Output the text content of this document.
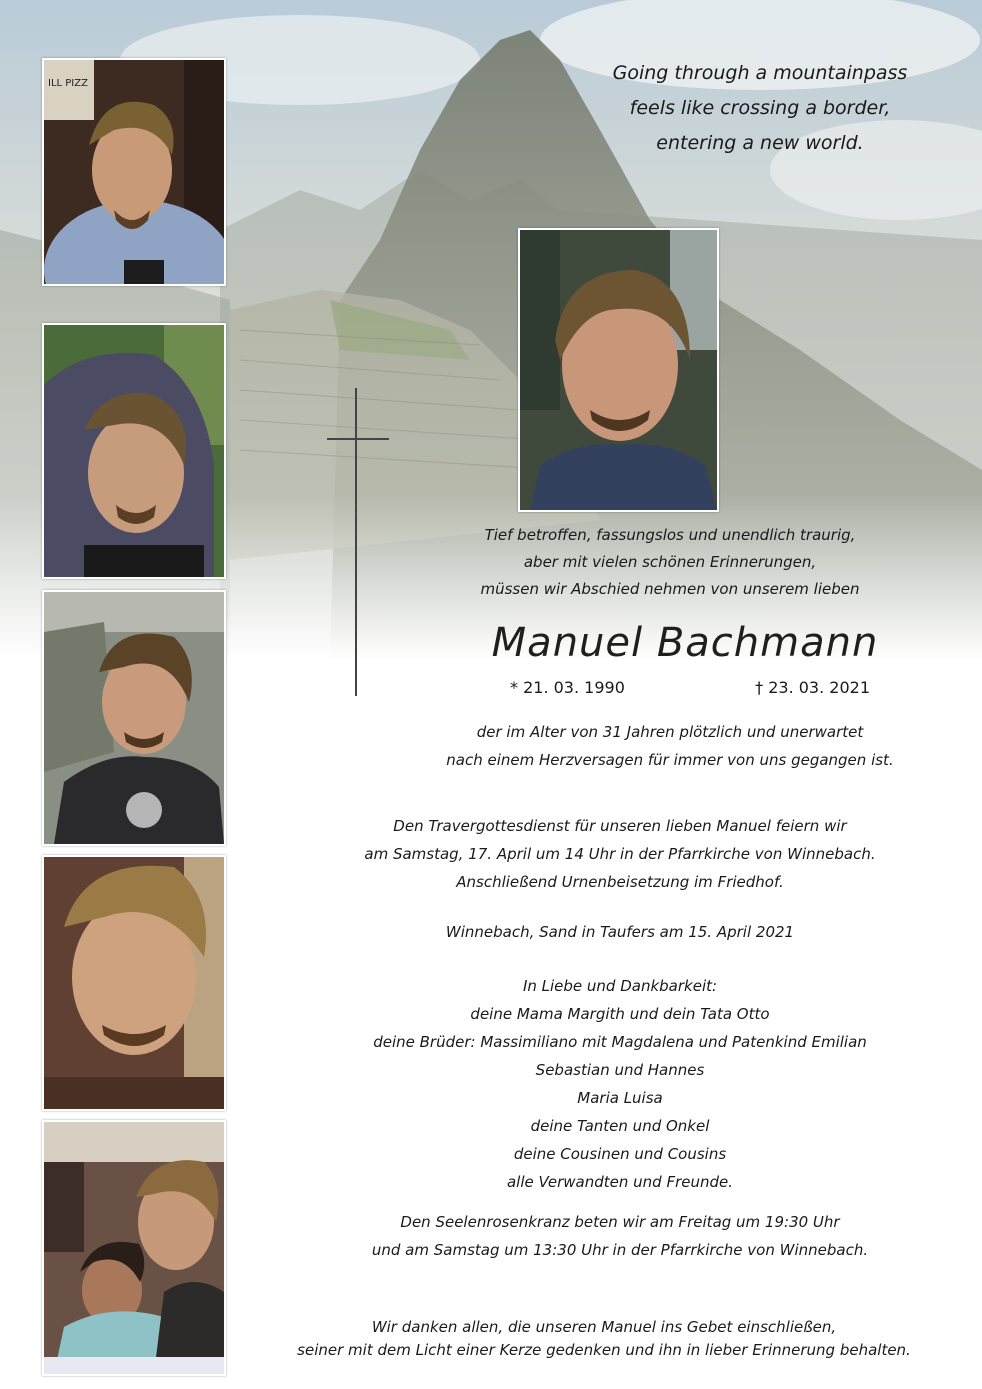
Going through a mountainpass
feels like crossing a border,
entering a new world.
ILL PIZZ
Tief betroffen, fassungslos und unendlich traurig,
aber mit vielen schönen Erinnerungen,
müssen wir Abschied nehmen von unserem lieben
Manuel Bachmann
* 21. 03. 1990	† 23. 03. 2021
der im Alter von 31 Jahren plötzlich und unerwartet
nach einem Herzversagen für immer von uns gegangen ist.
Den Travergottesdienst für unseren lieben Manuel feiern wir
am Samstag, 17. April um 14 Uhr in der Pfarrkirche von Winnebach.
Anschließend Urnenbeisetzung im Friedhof.
Winnebach, Sand in Taufers am 15. April 2021
In Liebe und Dankbarkeit:
deine Mama Margith und dein Tata Otto
deine Brüder: Massimiliano mit Magdalena und Patenkind Emilian
Sebastian und Hannes
Maria Luisa
deine Tanten und Onkel
deine Cousinen und Cousins
alle Verwandten und Freunde.
Den Seelenrosenkranz beten wir am Freitag um 19:30 Uhr
und am Samstag um 13:30 Uhr in der Pfarrkirche von Winnebach.
Wir danken allen, die unseren Manuel ins Gebet einschließen,
seiner mit dem Licht einer Kerze gedenken und ihn in lieber Erinnerung behalten.
